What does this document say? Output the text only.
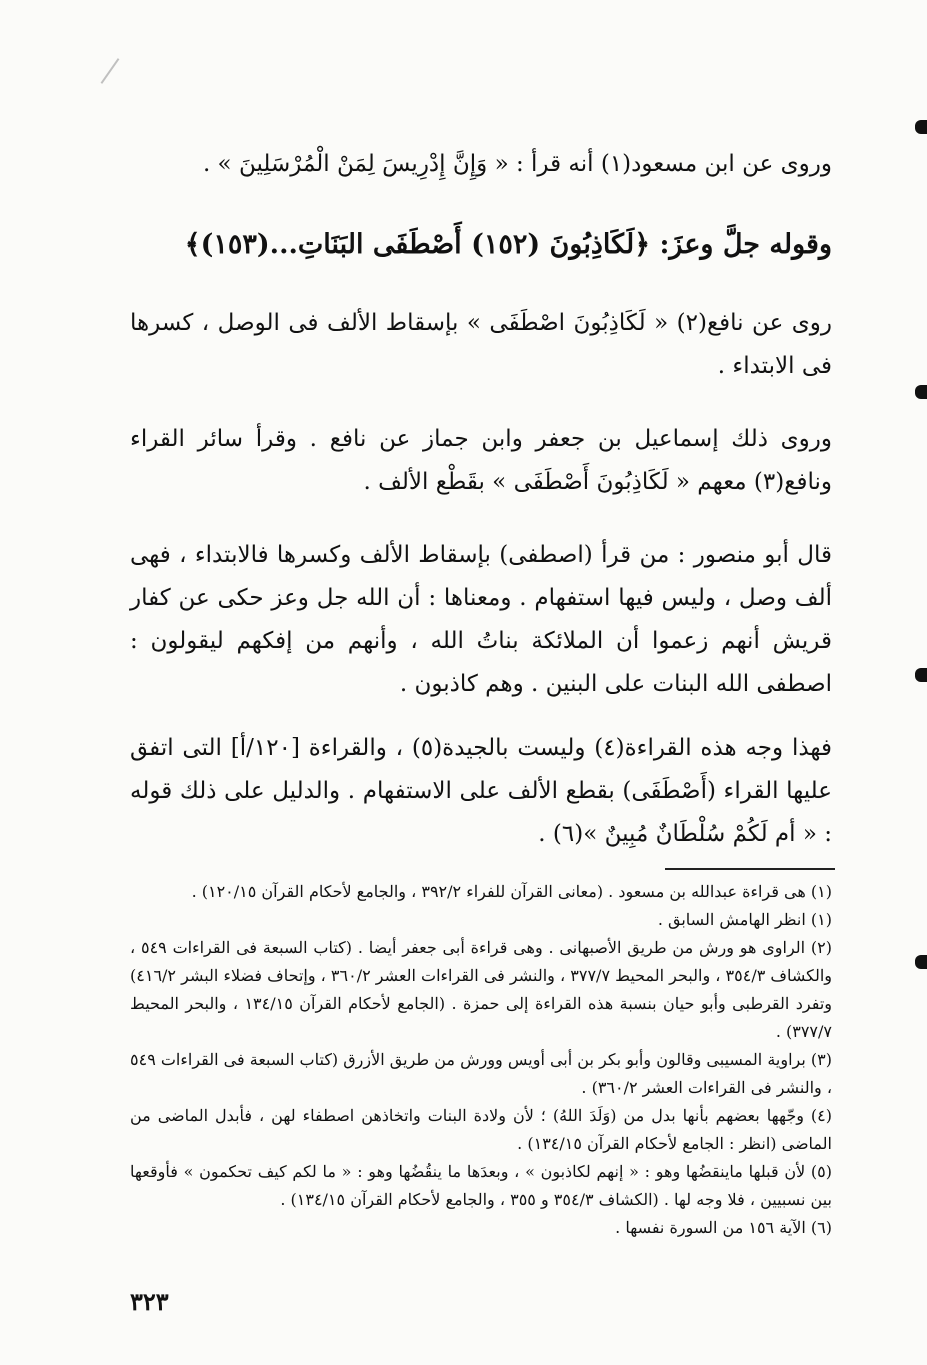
وروى عن ابن مسعود(١) أنه قرأ : « وَإِنَّ إِدْرِيسَ لِمَنْ الْمُرْسَلِينَ » .
وقوله جلَّ وعزَ: ﴿لَكَاذِبُونَ (١٥٢) أَصْطَفَى البَنَاتِ...(١٥٣)﴾
روى عن نافع(٢) « لَكَاذِبُونَ اصْطَفَى » بإسقاط الألف فى الوصل ، كسرها فى الابتداء .
وروى ذلك إسماعيل بن جعفر وابن جماز عن نافع . وقرأ سائر القراء ونافع(٣) معهم « لَكَاذِبُونَ أَصْطَفَى » بقَطْع الألف .
قال أبو منصور : من قرأ (اصطفى) بإسقاط الألف وكسرها فالابتداء ، فهى ألف وصل ، وليس فيها استفهام . ومعناها : أن الله جل وعز حكى عن كفار قريش أنهم زعموا أن الملائكة بناتُ الله ، وأنهم من إفكهم ليقولون : اصطفى الله البنات على البنين . وهم كاذبون .
فهذا وجه هذه القراءة(٤) وليست بالجيدة(٥) ، والقراءة [١٢٠/أ] التى اتفق عليها القراء (أَصْطَفَى) بقطع الألف على الاستفهام . والدليل على ذلك قوله : « أم لَكُمْ سُلْطَانٌ مُبِينٌ »(٦) .

(١) هى قراءة عبدالله بن مسعود . (معانى القرآن للفراء ٣٩٢/٢ ، والجامع لأحكام القرآن ١٢٠/١٥) .

(١) انظر الهامش السابق .

(٢) الراوى هو ورش من طريق الأصبهانى . وهى قراءة أبى جعفر أيضا . (كتاب السبعة فى القراءات ٥٤٩ ، والكشاف ٣٥٤/٣ ، والبحر المحيط ٣٧٧/٧ ، والنشر فى القراءات العشر ٣٦٠/٢ ، وإتحاف فضلاء البشر ٤١٦/٢) وتفرد القرطبى وأبو حيان بنسبة هذه القراءة إلى حمزة . (الجامع لأحكام القرآن ١٣٤/١٥ ، والبحر المحيط ٣٧٧/٧) .

(٣) براوية المسيبى وقالون وأبو بكر بن أبى أويس وورش من طريق الأزرق (كتاب السبعة فى القراءات ٥٤٩ ، والنشر فى القراءات العشر ٣٦٠/٢) .

(٤) وجّهها بعضهم بأنها بدل من (وَلَدَ اللهُ) ؛ لأن ولادة البنات واتخاذهن اصطفاء لهن ، فأبدل الماضى من الماضى (انظر : الجامع لأحكام القرآن ١٣٤/١٥) .

(٥) لأن قبلها ماينقضُها وهو : « إنهم لكاذبون » ، وبعدَها ما ينقُضُها وهو : « ما لكم كيف تحكمون » فأوقعها بين نسبيين ، فلا وجه لها . (الكشاف ٣٥٤/٣ و ٣٥٥ ، والجامع لأحكام القرآن ١٣٤/١٥) .

(٦) الآية ١٥٦ من السورة نفسها .

٣٢٣
